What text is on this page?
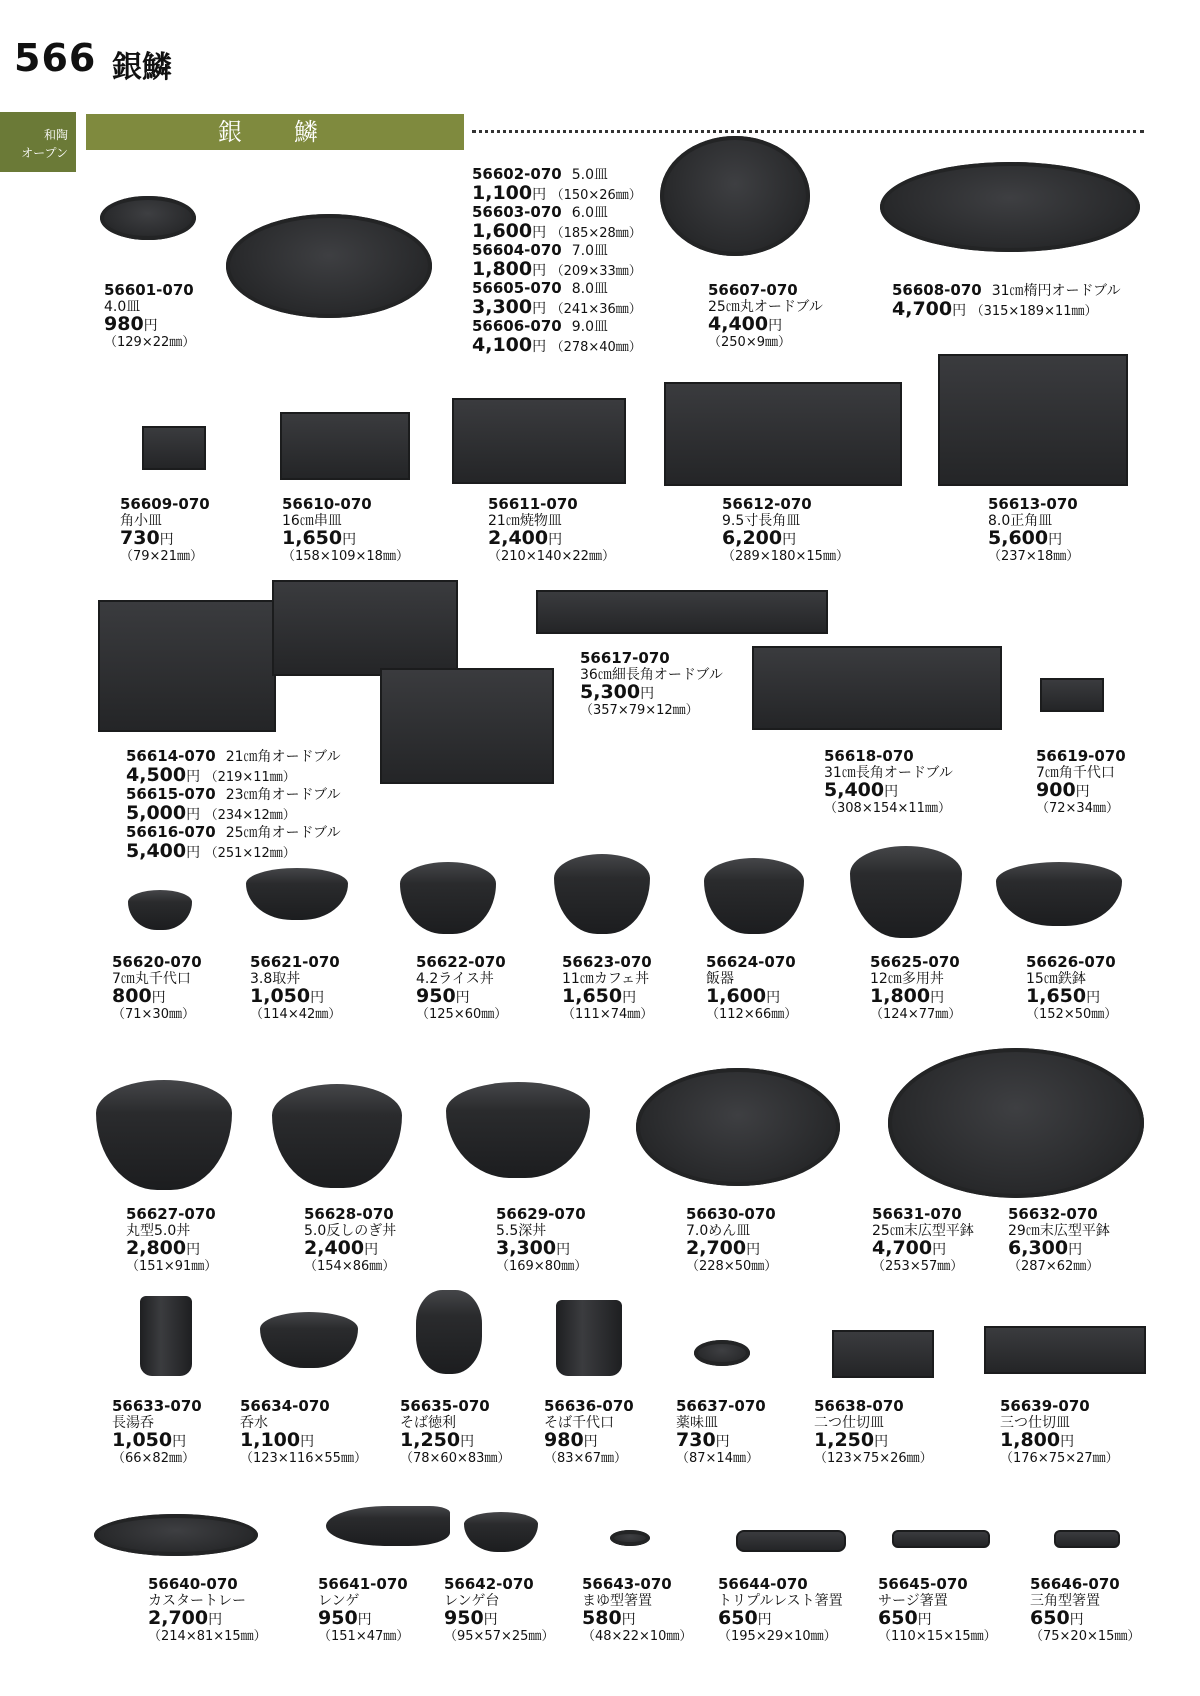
566 銀鱗
和陶
オープン
銀　鱗
56601-070
4.0皿
980円
（129×22㎜）
56602-070 5.0皿
1,100円 （150×26㎜）
56603-070 6.0皿
1,600円 （185×28㎜）
56604-070 7.0皿
1,800円 （209×33㎜）
56605-070 8.0皿
3,300円 （241×36㎜）
56606-070 9.0皿
4,100円 （278×40㎜）
56607-070
25㎝丸オードブル
4,400円
（250×9㎜）
56608-070 31㎝楕円オードブル
4,700円 （315×189×11㎜）
56609-070
角小皿
730円
（79×21㎜）
56610-070
16㎝串皿
1,650円
（158×109×18㎜）
56611-070
21㎝焼物皿
2,400円
（210×140×22㎜）
56612-070
9.5寸長角皿
6,200円
（289×180×15㎜）
56613-070
8.0正角皿
5,600円
（237×18㎜）
56614-070 21㎝角オードブル
4,500円 （219×11㎜）
56615-070 23㎝角オードブル
5,000円 （234×12㎜）
56616-070 25㎝角オードブル
5,400円 （251×12㎜）
56617-070
36㎝細長角オードブル
5,300円
（357×79×12㎜）
56618-070
31㎝長角オードブル
5,400円
（308×154×11㎜）
56619-070
7㎝角千代口
900円
（72×34㎜）
56620-070
7㎝丸千代口
800円
（71×30㎜）
56621-070
3.8取丼
1,050円
（114×42㎜）
56622-070
4.2ライス丼
950円
（125×60㎜）
56623-070
11㎝カフェ丼
1,650円
（111×74㎜）
56624-070
飯器
1,600円
（112×66㎜）
56625-070
12㎝多用丼
1,800円
（124×77㎜）
56626-070
15㎝鉄鉢
1,650円
（152×50㎜）
56627-070
丸型5.0丼
2,800円
（151×91㎜）
56628-070
5.0反しのぎ丼
2,400円
（154×86㎜）
56629-070
5.5深丼
3,300円
（169×80㎜）
56630-070
7.0めん皿
2,700円
（228×50㎜）
56631-070
25㎝末広型平鉢
4,700円
（253×57㎜）
56632-070
29㎝末広型平鉢
6,300円
（287×62㎜）
56633-070
長湯呑
1,050円
（66×82㎜）
56634-070
呑水
1,100円
（123×116×55㎜）
56635-070
そば徳利
1,250円
（78×60×83㎜）
56636-070
そば千代口
980円
（83×67㎜）
56637-070
薬味皿
730円
（87×14㎜）
56638-070
二つ仕切皿
1,250円
（123×75×26㎜）
56639-070
三つ仕切皿
1,800円
（176×75×27㎜）
56640-070
カスタートレー
2,700円
（214×81×15㎜）
56641-070
レンゲ
950円
（151×47㎜）
56642-070
レンゲ台
950円
（95×57×25㎜）
56643-070
まゆ型箸置
580円
（48×22×10㎜）
56644-070
トリプルレスト箸置
650円
（195×29×10㎜）
56645-070
サージ箸置
650円
（110×15×15㎜）
56646-070
三角型箸置
650円
（75×20×15㎜）
